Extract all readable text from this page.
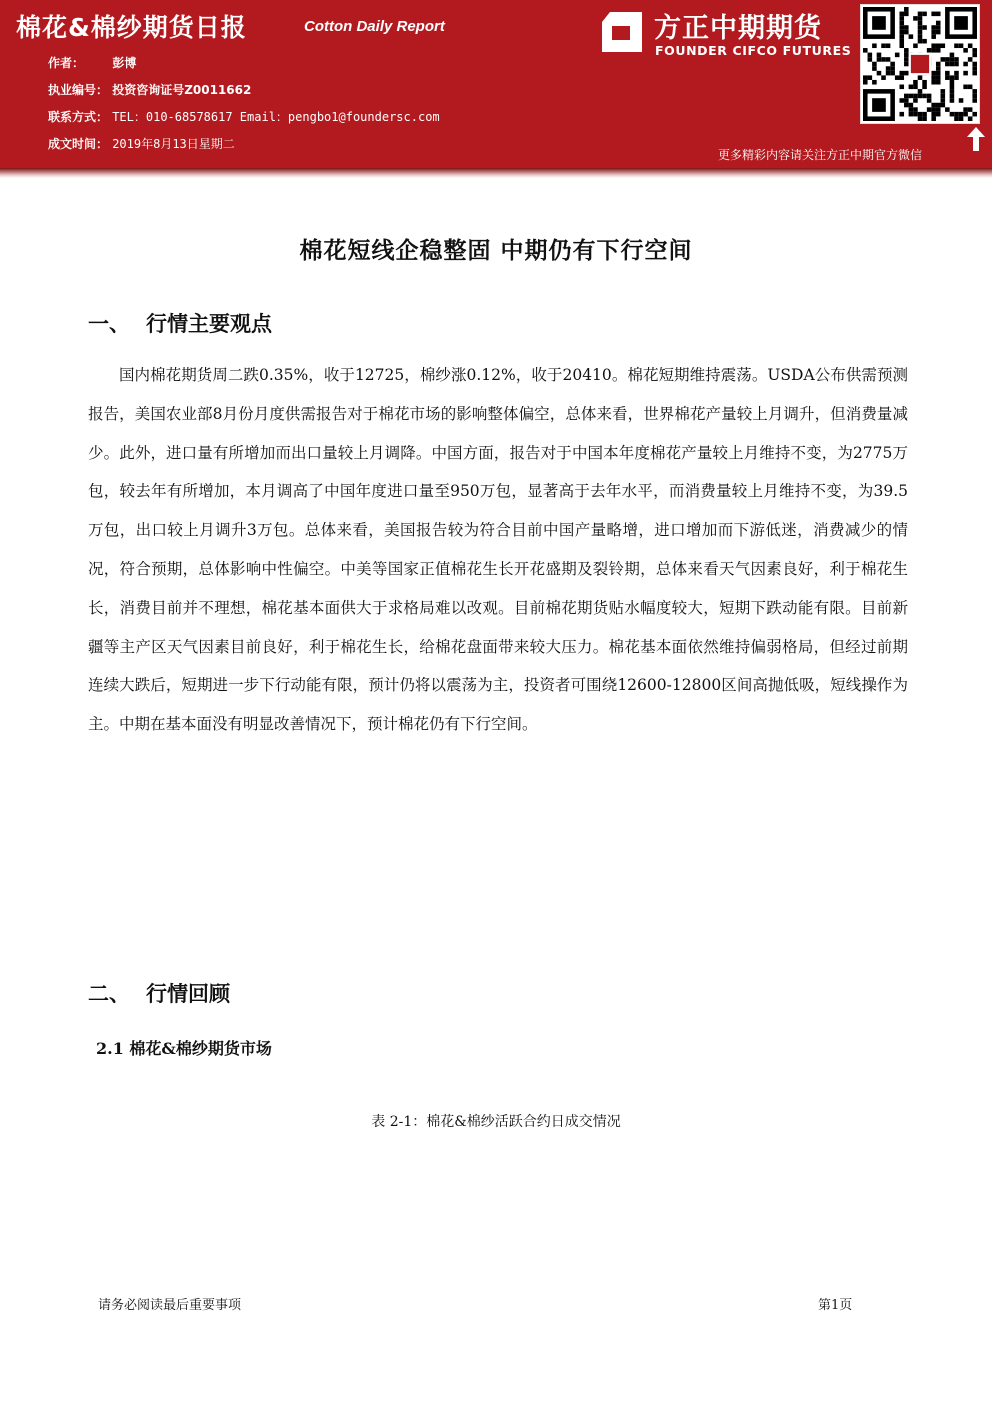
棉花&棉纱期货日报	Cotton Daily Report
作者： 彭博
执业编号： 投资咨询证号Z0011662
联系方式： TEL：010-68578617 Email：pengbo1@foundersc.com
成文时间： 2019年8月13日星期二
方正中期期货
FOUNDER CIFCO FUTURES
更多精彩内容请关注方正中期官方微信
棉花短线企稳整固 中期仍有下行空间
一、 行情主要观点

国内棉花期货周二跌0.35%，收于12725，棉纱涨0.12%，收于20410。棉花短期维持震荡。USDA公布供需预测报告，美国农业部8月份月度供需报告对于棉花市场的影响整体偏空，总体来看，世界棉花产量较上月调升，但消费量减少。此外，进口量有所增加而出口量较上月调降。中国方面，报告对于中国本年度棉花产量较上月维持不变，为2775万包，较去年有所增加，本月调高了中国年度进口量至950万包，显著高于去年水平，而消费量较上月维持不变，为39.5万包，出口较上月调升3万包。总体来看，美国报告较为符合目前中国产量略增，进口增加而下游低迷，消费减少的情况，符合预期，总体影响中性偏空。中美等国家正值棉花生长开花盛期及裂铃期，总体来看天气因素良好，利于棉花生长，消费目前并不理想，棉花基本面供大于求格局难以改观。目前棉花期货贴水幅度较大，短期下跌动能有限。目前新疆等主产区天气因素目前良好，利于棉花生长，给棉花盘面带来较大压力。棉花基本面依然维持偏弱格局，但经过前期连续大跌后，短期进一步下行动能有限，预计仍将以震荡为主，投资者可围绕12600-12800区间高抛低吸，短线操作为主。中期在基本面没有明显改善情况下，预计棉花仍有下行空间。

二、 行情回顾
2.1 棉花&棉纱期货市场
表 2-1：棉花&棉纱活跃合约日成交情况
请务必阅读最后重要事项	第1页
